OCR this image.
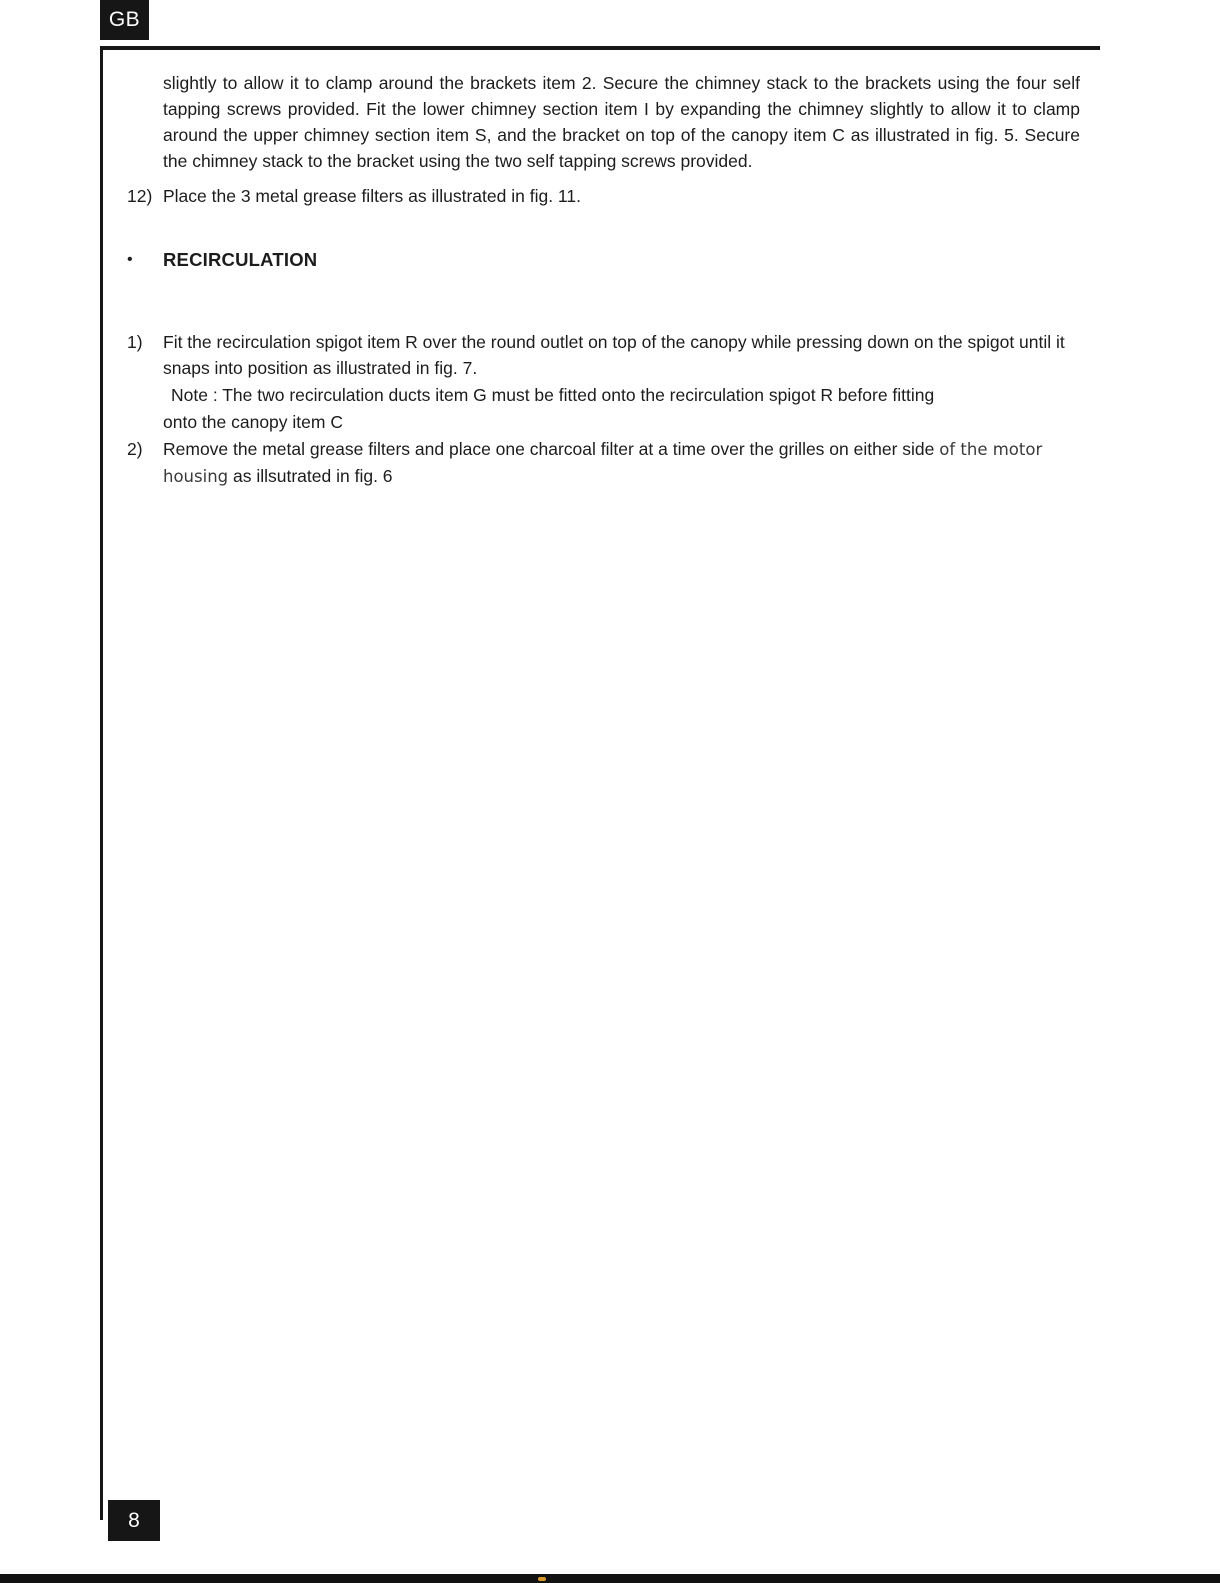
GB

slightly to allow it to clamp around the brackets item 2. Secure the chimney stack to the brackets using the four self tapping screws provided. Fit the lower chimney section item I by expanding the chimney slightly to allow it to clamp around the upper chimney section item S, and the bracket on top of the canopy item C as illustrated in fig. 5. Secure the chimney stack to the bracket using the two self tapping screws provided.

12) Place the 3 metal grease filters as illustrated in fig. 11.
•	RECIRCULATION
1)	Fit the recirculation spigot item R over the round outlet on top of the canopy while pressing down on the spigot until it snaps into position as illustrated in fig. 7.
Note : The two recirculation ducts item G must be fitted onto the recirculation spigot R before fitting
onto the canopy item C
2)	Remove the metal grease filters and place one charcoal filter at a time over the grilles on either side of the motor housing as illsutrated in fig. 6
8
